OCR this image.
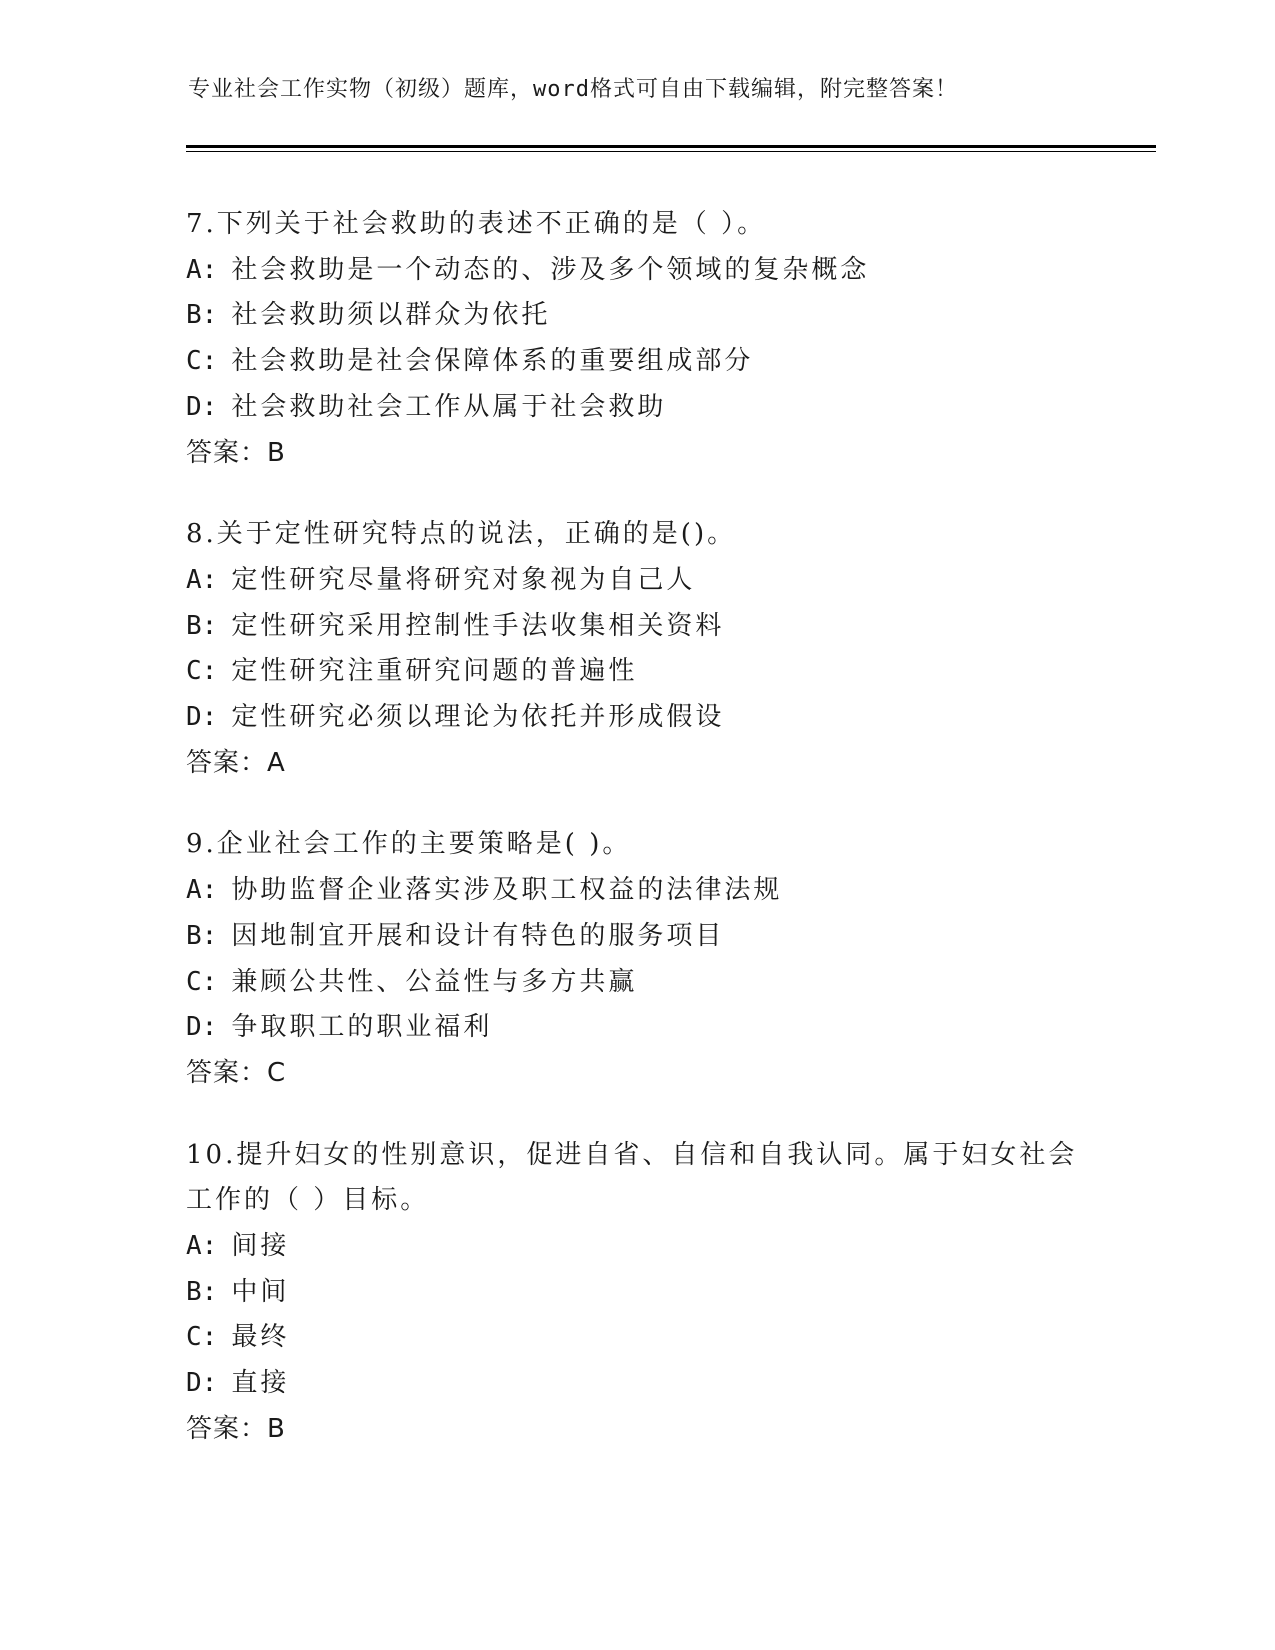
专业社会工作实物（初级）题库，word格式可自由下载编辑，附完整答案！

7.下列关于社会救助的表述不正确的是（ ）。

A: 社会救助是一个动态的、涉及多个领域的复杂概念

B: 社会救助须以群众为依托

C: 社会救助是社会保障体系的重要组成部分

D: 社会救助社会工作从属于社会救助

答案：B

8.关于定性研究特点的说法，正确的是()。

A: 定性研究尽量将研究对象视为自己人

B: 定性研究采用控制性手法收集相关资料

C: 定性研究注重研究问题的普遍性

D: 定性研究必须以理论为依托并形成假设

答案：A

9.企业社会工作的主要策略是( )。

A: 协助监督企业落实涉及职工权益的法律法规

B: 因地制宜开展和设计有特色的服务项目

C: 兼顾公共性、公益性与多方共赢

D: 争取职工的职业福利

答案：C

10.提升妇女的性别意识，促进自省、自信和自我认同。属于妇女社会工作的（ ）目标。

A: 间接

B: 中间

C: 最终

D: 直接

答案：B
